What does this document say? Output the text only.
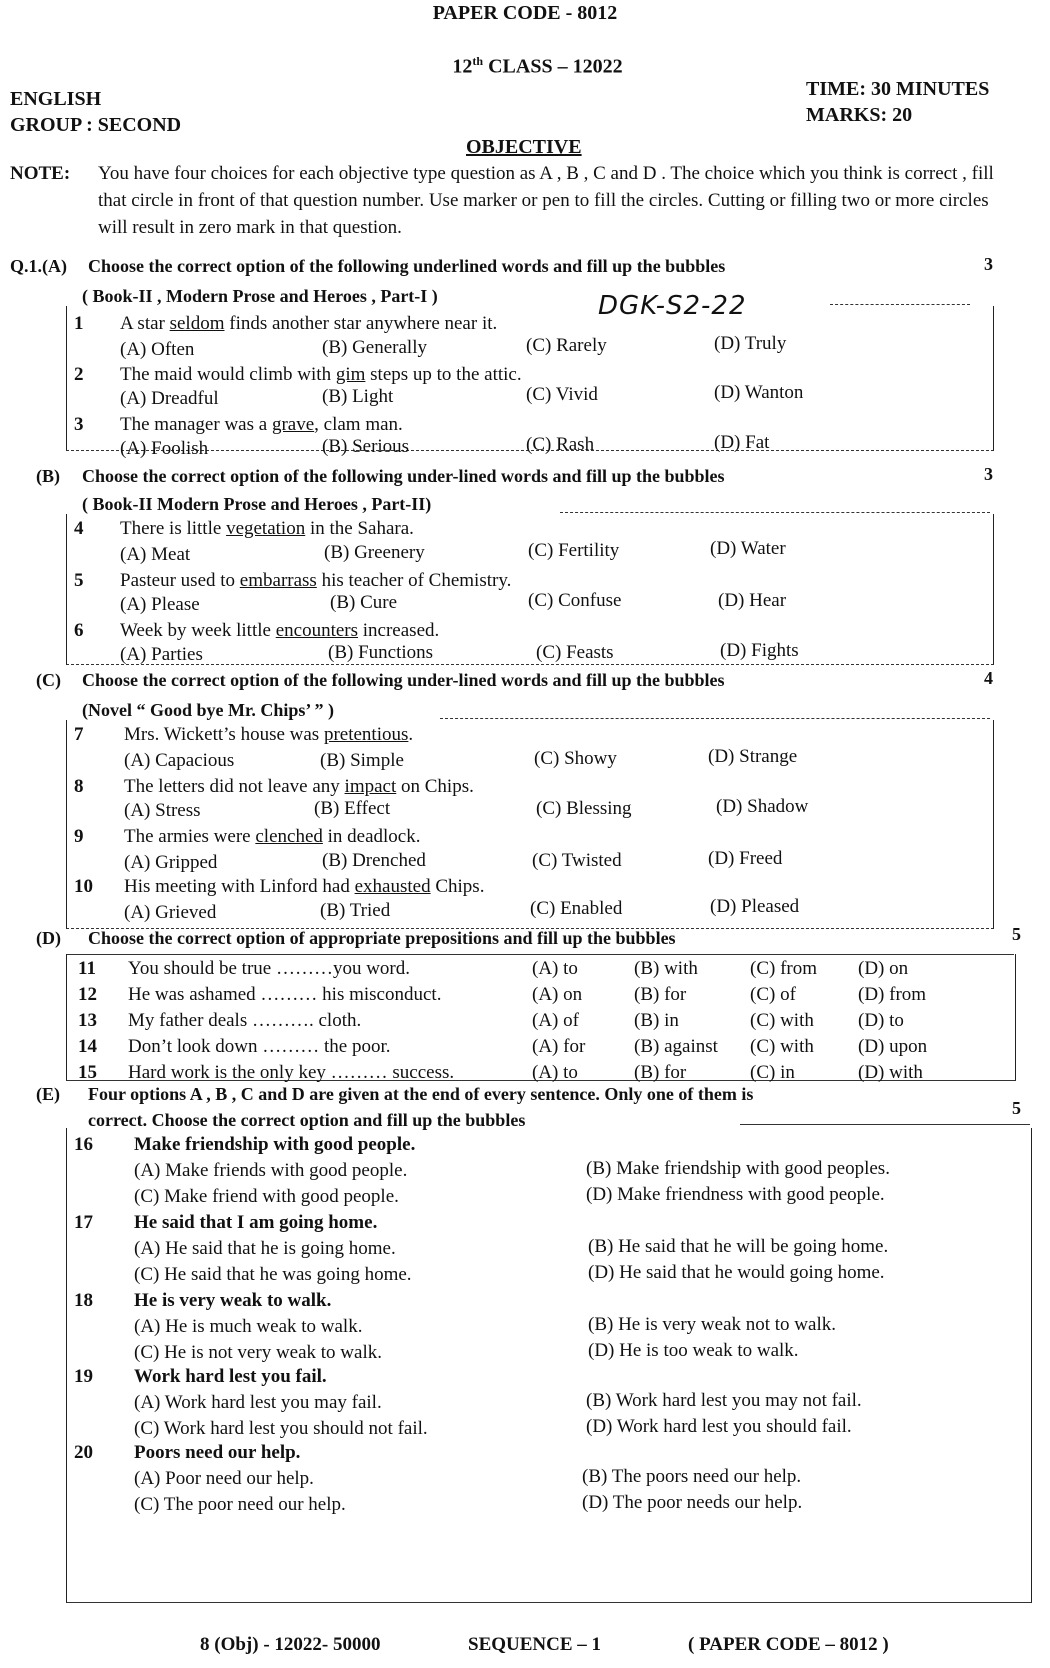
PAPER CODE - 8012
12th CLASS – 12022
ENGLISH
GROUP : SECOND
TIME: 30 MINUTES
MARKS: 20
OBJECTIVE
NOTE: You have four choices for each objective type question as A , B , C and D . The choice which you think is correct , fill that circle in front of that question number. Use marker or pen to fill the circles. Cutting or filling two or more circles will result in zero mark in that question.
Q.1.(A) Choose the correct option of the following underlined words and fill up the bubbles	3
( Book-II , Modern Prose and Heroes , Part-I )	DGK-S2-22
1	A star seldom finds another star anywhere near it.
(A) Often	(B) Generally	(C) Rarely	(D) Truly
2	The maid would climb with gim steps up to the attic.
(A) Dreadful	(B) Light	(C) Vivid	(D) Wanton
3	The manager was a grave, clam man.
(A) Foolish	(B) Serious	(C) Rash	(D) Fat
(B) Choose the correct option of the following under-lined words and fill up the bubbles	3
( Book-II Modern Prose and Heroes , Part-II)
4	There is little vegetation in the Sahara.
(A) Meat	(B) Greenery	(C) Fertility	(D) Water
5	Pasteur used to embarrass his teacher of Chemistry.
(A) Please	(B) Cure	(C) Confuse	(D) Hear
6	Week by week little encounters increased.
(A) Parties	(B) Functions	(C) Feasts	(D) Fights
(C) Choose the correct option of the following under-lined words and fill up the bubbles	4
(Novel “ Good bye Mr. Chips’ ” )
7	Mrs. Wickett’s house was pretentious.
(A) Capacious	(B) Simple	(C) Showy	(D) Strange
8	The letters did not leave any impact on Chips.
(A) Stress	(B) Effect	(C) Blessing	(D) Shadow
9	The armies were clenched in deadlock.
(A) Gripped	(B) Drenched	(C) Twisted	(D) Freed
10	His meeting with Linford had exhausted Chips.
(A) Grieved	(B) Tried	(C) Enabled	(D) Pleased
(D) Choose the correct option of appropriate prepositions and fill up the bubbles	5
11 You should be true ………you word.	(A) to	(B) with	(C) from (D) on
12 He was ashamed ……… his misconduct.	(A) on	(B) for	(C) of	(D) from
13 My father deals ………. cloth.	(A) of	(B) in	(C) with (D) to
14 Don’t look down ……… the poor.	(A) for	(B) against (C) with (D) upon
15 Hard work is the only key ……… success.	(A) to	(B) for	(C) in	(D) with
(E) Four options A , B , C and D are given at the end of every sentence. Only one of them is
correct. Choose the correct option and fill up the bubbles
5
16	Make friendship with good people.
(A) Make friends with good people.	(B) Make friendship with good peoples.
(C) Make friend with good people.	(D) Make friendness with good people.
17	He said that I am going home.
(A) He said that he is going home.	(B) He said that he will be going home.
(C) He said that he was going home.	(D) He said that he would going home.
18	He is very weak to walk.
(A) He is much weak to walk.	(B) He is very weak not to walk.
(C) He is not very weak to walk.	(D) He is too weak to walk.
19	Work hard lest you fail.
(A) Work hard lest you may fail.	(B) Work hard lest you may not fail.
(C) Work hard lest you should not fail.	(D) Work hard lest you should fail.
20	Poors need our help.
(A) Poor need our help.	(B) The poors need our help.
(C) The poor need our help.	(D) The poor needs our help.
8 (Obj) - 12022- 50000	SEQUENCE – 1	( PAPER CODE – 8012 )
